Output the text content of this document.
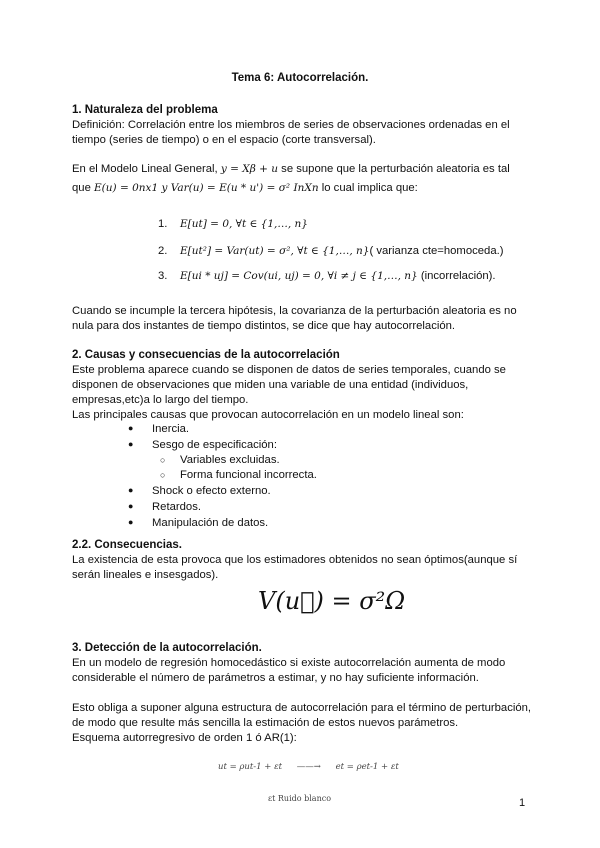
Tema 6: Autocorrelación.
1. Naturaleza del problema
Definición: Correlación entre los miembros de series de observaciones ordenadas en el
tiempo (series de tiempo) o en el espacio (corte transversal).
En el Modelo Lineal General, y = Xβ + u se supone que la perturbación aleatoria es tal
que E(u) = 0nx1 y Var(u) = E(u * u') = σ² InXn lo cual implica que:
1. E[ut] = 0, ∀t ∈ {1,…, n}
2. E[ut²] = Var(ut) = σ², ∀t ∈ {1,…, n}( varianza cte=homoceda.)
3. E[ui * uj] = Cov(ui, uj) = 0, ∀i ≠ j ∈ {1,…, n} (incorrelación).
Cuando se incumple la tercera hipótesis, la covarianza de la perturbación aleatoria es no
nula para dos instantes de tiempo distintos, se dice que hay autocorrelación.
2. Causas y consecuencias de la autocorrelación
Este problema aparece cuando se disponen de datos de series temporales, cuando se
disponen de observaciones que miden una variable de una entidad (individuos,
empresas,etc)a lo largo del tiempo.
Las principales causas que provocan autocorrelación en un modelo lineal son:
● Inercia.
● Sesgo de especificación:
○ Variables excluidas.
○ Forma funcional incorrecta.
● Shock o efecto externo.
● Retardos.
● Manipulación de datos.
2.2. Consecuencias.
La existencia de esta provoca que los estimadores obtenidos no sean óptimos(aunque sí
serán lineales e insesgados).
V(u⃗) = σ²Ω
3. Detección de la autocorrelación.
En un modelo de regresión homocedástico si existe autocorrelación aumenta de modo
considerable el número de parámetros a estimar, y no hay suficiente información.
Esto obliga a suponer alguna estructura de autocorrelación para el término de perturbación,
de modo que resulte más sencilla la estimación de estos nuevos parámetros.
Esquema autorregresivo de orden 1 ó AR(1):
ut = ρut-1 + εt ——→ et = ρet-1 + εt
εt Ruido blanco	1
